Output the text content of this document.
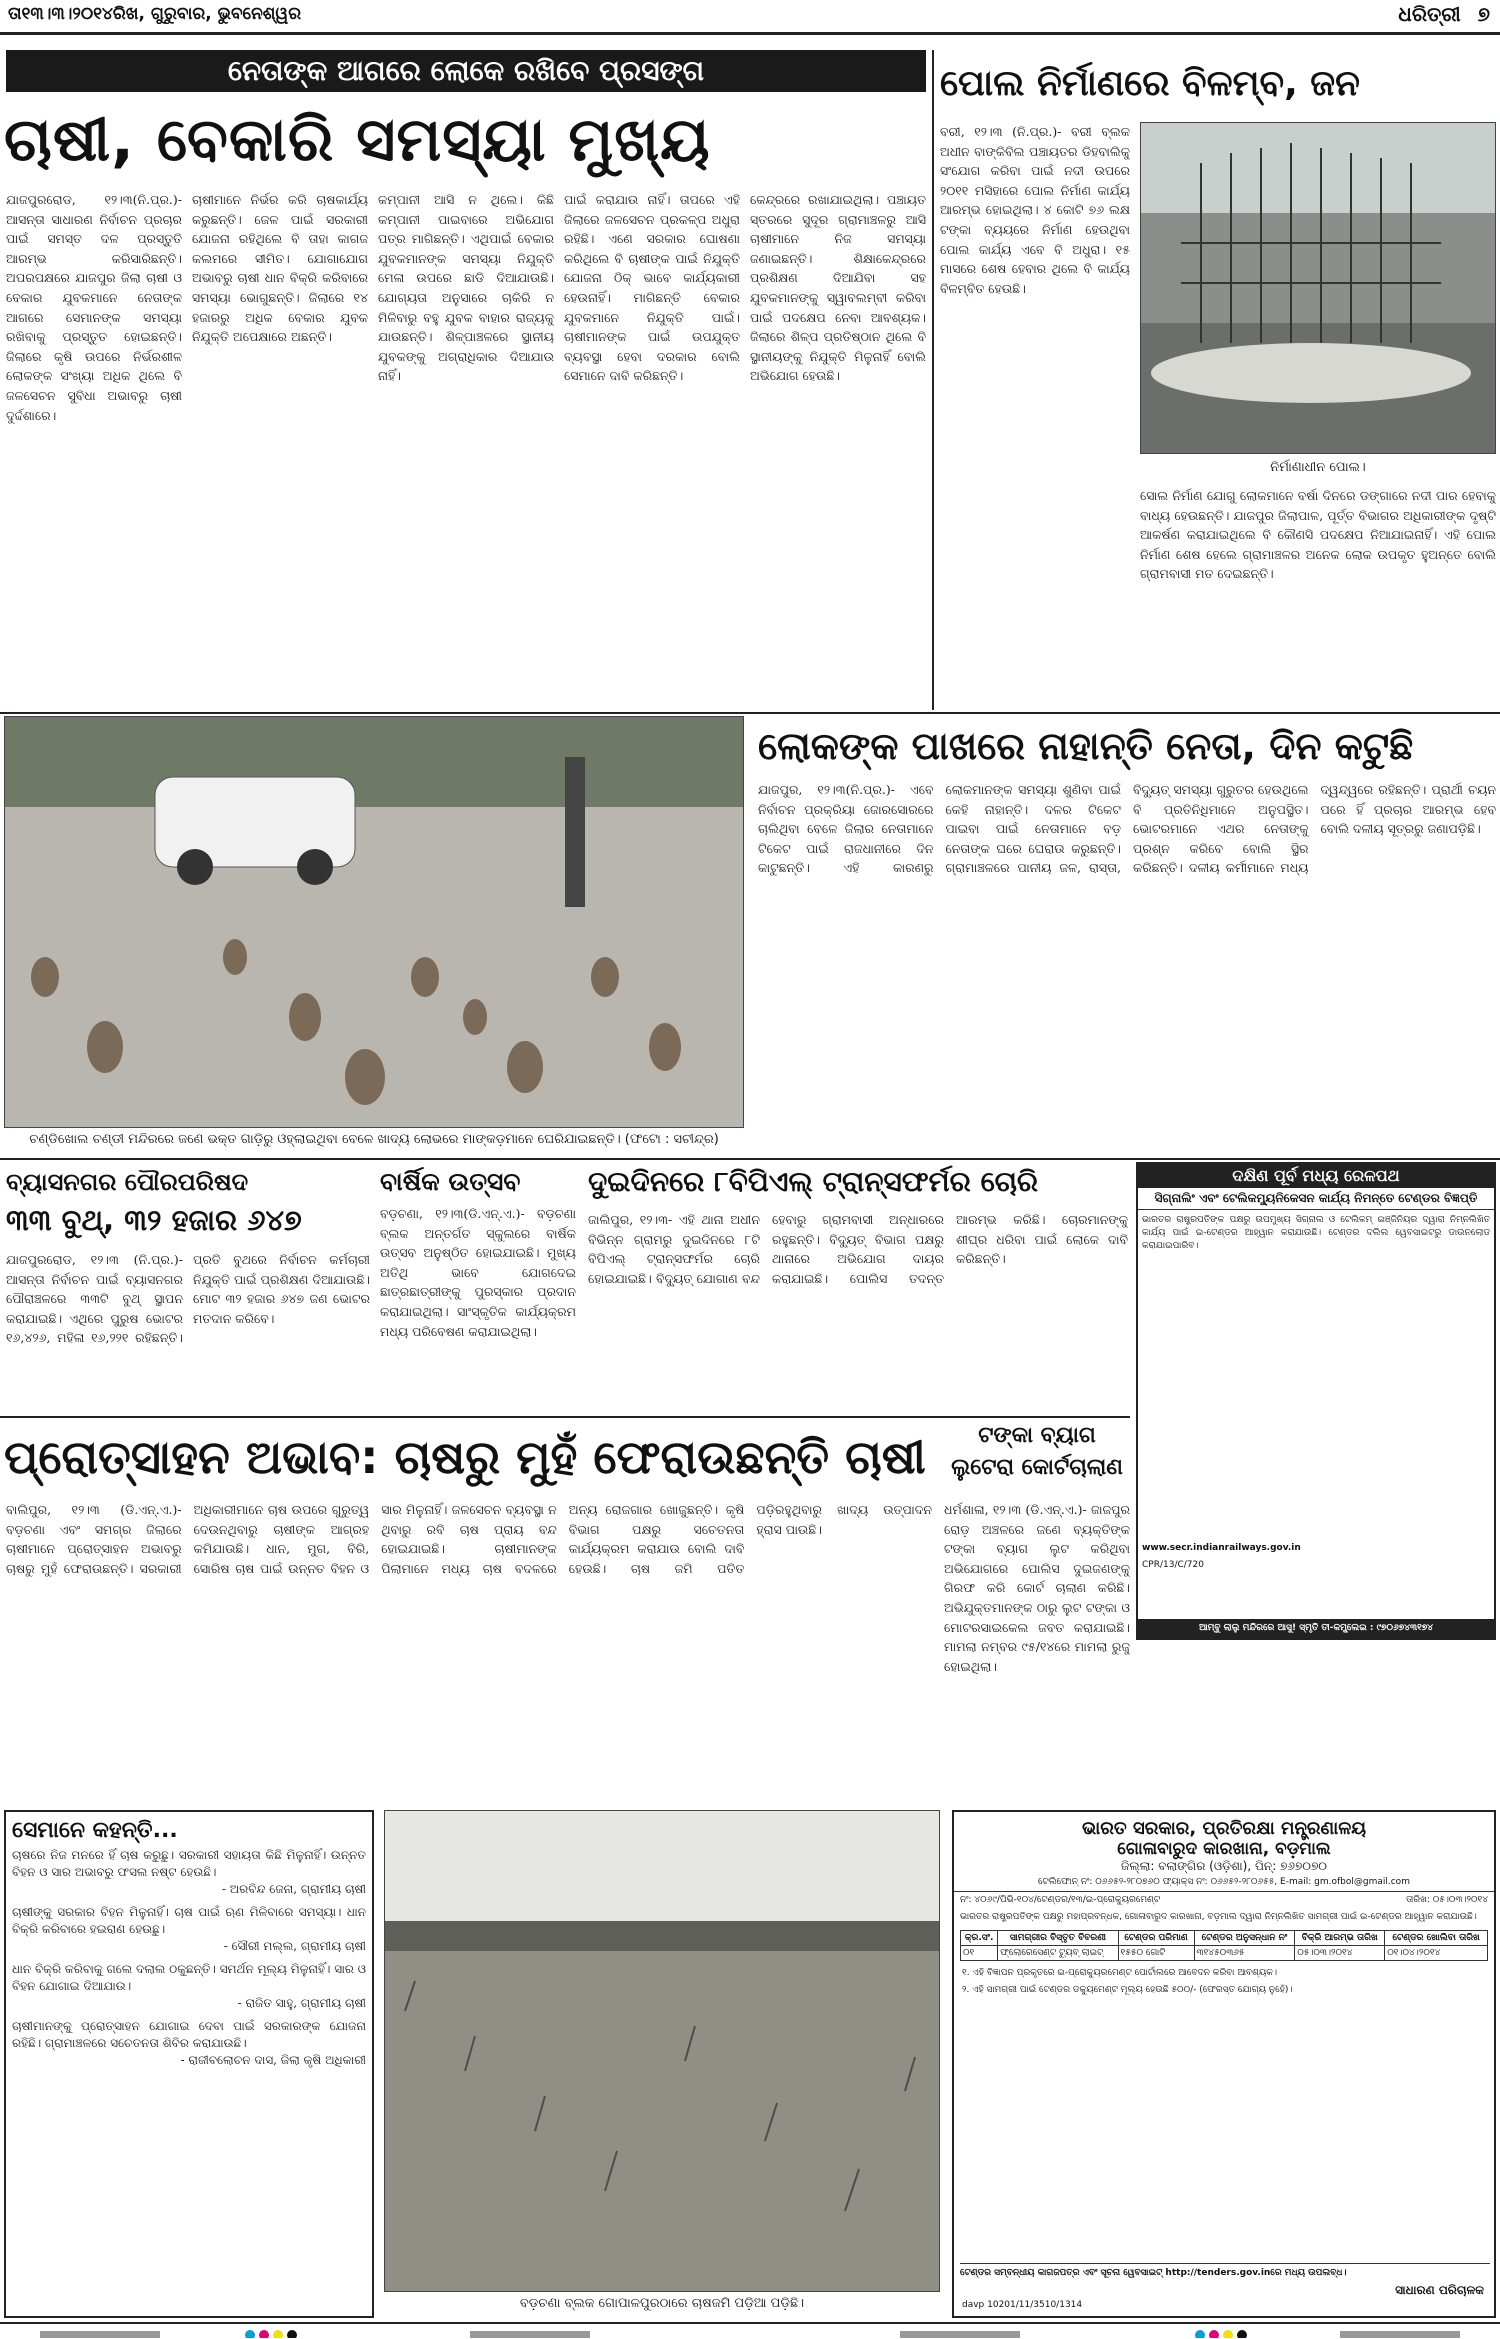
ତା୧୩।୩।୨୦୧୪ରିଖ, ଗୁରୁବାର, ଭୁବନେଶ୍ୱର	ଧରିତ୍ରୀ ୭
ନେତାଙ୍କ ଆଗରେ ଲୋକେ ରଖିବେ ପ୍ରସଙ୍ଗ
ଚାଷୀ, ବେକାରି ସମସ୍ୟା ମୁଖ୍ୟ
ଯାଜପୁରରୋଡ, ୧୨।୩(ନି.ପ୍ର.)- ଆସନ୍ତା ସାଧାରଣ ନିର୍ବାଚନ ପ୍ରଚାର ପାଇଁ ସମସ୍ତ ଦଳ ପ୍ରସ୍ତୁତି ଆରମ୍ଭ କରିସାରିଛନ୍ତି। ଅପରପକ୍ଷରେ ଯାଜପୁର ଜିଲା ଚାଷୀ ଓ ବେକାର ଯୁବକମାନେ ନେତାଙ୍କ ଆଗରେ ସେମାନଙ୍କ ସମସ୍ୟା ରଖିବାକୁ ପ୍ରସ୍ତୁତ ହୋଇଛନ୍ତି। ଜିଲାରେ କୃଷି ଉପରେ ନିର୍ଭରଶୀଳ ଲୋକଙ୍କ ସଂଖ୍ୟା ଅଧିକ ଥିଲେ ବି ଜଳସେଚନ ସୁବିଧା ଅଭାବରୁ ଚାଷୀ ଦୁର୍ଦ୍ଦଶାରେ।
ଚାଷୀମାନେ ନିର୍ଭର କରି ଚାଷକାର୍ଯ୍ୟ କରୁଛନ୍ତି। ଜେଳ ପାଇଁ ସରକାରୀ ଯୋଜନା ରହିଥିଲେ ବି ତାହା କାଗଜ କଲମରେ ସୀମିତ। ଯୋଗାଯୋଗ ଅଭାବରୁ ଚାଷୀ ଧାନ ବିକ୍ରି କରିବାରେ ସମସ୍ୟା ଭୋଗୁଛନ୍ତି। ଜିଲାରେ ୧୪ ହଜାରରୁ ଅଧିକ ବେକାର ଯୁବକ ନିଯୁକ୍ତି ଅପେକ୍ଷାରେ ଅଛନ୍ତି।
କମ୍ପାନୀ ଆସି ନ ଥିଲେ। କିଛି କମ୍ପାନୀ ପାଇବାରେ ଅଭିଯୋଗ ପତ୍ର ମାଗିଛନ୍ତି। ଏଥିପାଇଁ ବେକାର ଯୁବକମାନଙ୍କ ସମସ୍ୟା ନିଯୁକ୍ତି ମେଳା ଉପରେ ଛାଡି ଦିଆଯାଉଛି। ଯୋଗ୍ୟତା ଅନୁସାରେ ଚାକିରି ନ ମିଳିବାରୁ ବହୁ ଯୁବକ ବାହାର ରାଜ୍ୟକୁ ଯାଉଛନ୍ତି। ଶିଳ୍ପାଞ୍ଚଳରେ ସ୍ଥାନୀୟ ଯୁବକଙ୍କୁ ଅଗ୍ରାଧିକାର ଦିଆଯାଉ ନାହିଁ।
ପାଇଁ କରାଯାଉ ନାହିଁ। ତାପରେ ଏହି ଜିଲାରେ ଜଳସେଚନ ପ୍ରକଳ୍ପ ଅଧୁରା ରହିଛି। ଏଣେ ସରକାର ଘୋଷଣା କରିଥିଲେ ବି ଚାଷୀଙ୍କ ପାଇଁ ନିଯୁକ୍ତି ଯୋଜନା ଠିକ୍ ଭାବେ କାର୍ଯ୍ୟକାରୀ ହେଉନାହିଁ। ମାଗିଛନ୍ତି ବେକାର ଯୁବକମାନେ ନିଯୁକ୍ତି ପାଇଁ। ଚାଷୀମାନଙ୍କ ପାଇଁ ଉପଯୁକ୍ତ ବ୍ୟବସ୍ଥା ହେବା ଦରକାର ବୋଲି ସେମାନେ ଦାବି କରିଛନ୍ତି।
କେନ୍ଦ୍ରରେ ରଖାଯାଇଥିଲା। ପଞ୍ଚାୟତ ସ୍ତରରେ ସୁଦୂର ଗ୍ରାମାଞ୍ଚଳରୁ ଆସି ଚାଷୀମାନେ ନିଜ ସମସ୍ୟା ଜଣାଇଛନ୍ତି। ଶିକ୍ଷାକେନ୍ଦ୍ରରେ ପ୍ରଶିକ୍ଷଣ ଦିଆଯିବା ସହ ଯୁବକମାନଙ୍କୁ ସ୍ୱାବଲମ୍ବୀ କରିବା ପାଇଁ ପଦକ୍ଷେପ ନେବା ଆବଶ୍ୟକ। ଜିଲାରେ ଶିଳ୍ପ ପ୍ରତିଷ୍ଠାନ ଥିଲେ ବି ସ୍ଥାନୀୟଙ୍କୁ ନିଯୁକ୍ତି ମିଳୁନାହିଁ ବୋଲି ଅଭିଯୋଗ ହେଉଛି।
ପୋଲ ନିର୍ମାଣରେ ବିଳମ୍ବ, ଜନ
ବରୀ, ୧୨।୩ (ନି.ପ୍ର.)- ବରୀ ବ୍ଲକ ଅଧୀନ ବାଙ୍କିବିଲ ପଞ୍ଚାୟତର ଡିହବାଲିକୁ ସଂଯୋଗ କରିବା ପାଇଁ ନଦୀ ଉପରେ ୨୦୧୧ ମସିହାରେ ପୋଲ ନିର୍ମାଣ କାର୍ଯ୍ୟ ଆରମ୍ଭ ହୋଇଥିଲା। ୪ କୋଟି ୭୬ ଲକ୍ଷ ଟଙ୍କା ବ୍ୟୟରେ ନିର୍ମାଣ ହେଉଥିବା ପୋଲ କାର୍ଯ୍ୟ ଏବେ ବି ଅଧୁରା। ୧୫ ମାସରେ ଶେଷ ହେବାର ଥିଲେ ବି କାର୍ଯ୍ୟ ବିଳମ୍ବିତ ହେଉଛି।
ନିର୍ମାଣାଧୀନ ପୋଲ।
ସୋଲ ନିର୍ମାଣ ଯୋଗୁ ଲୋକମାନେ ବର୍ଷା ଦିନରେ ଡଙ୍ଗାରେ ନଦୀ ପାର ହେବାକୁ ବାଧ୍ୟ ହେଉଛନ୍ତି। ଯାଜପୁର ଜିଲାପାଳ, ପୂର୍ତ୍ତ ବିଭାଗର ଅଧିକାରୀଙ୍କ ଦୃଷ୍ଟି ଆକର୍ଷଣ କରାଯାଇଥିଲେ ବି କୌଣସି ପଦକ୍ଷେପ ନିଆଯାଇନାହିଁ। ଏହି ପୋଲ ନିର୍ମାଣ ଶେଷ ହେଲେ ଗ୍ରାମାଞ୍ଚଳର ଅନେକ ଲୋକ ଉପକୃତ ହୁଅନ୍ତେ ବୋଲି ଗ୍ରାମବାସୀ ମତ ଦେଇଛନ୍ତି।
ଚଣ୍ଡିଖୋଲ ଚଣ୍ଡୀ ମନ୍ଦିରରେ ଜଣେ ଭକ୍ତ ଗାଡ଼ିରୁ ଓହ୍ଲାଇଥିବା ବେଳେ ଖାଦ୍ୟ ଲୋଭରେ ମାଙ୍କଡ଼ମାନେ ଘେରିଯାଇଛନ୍ତି। (ଫଟୋ : ସଚୀନ୍ଦ୍ର)
ଲୋକଙ୍କ ପାଖରେ ନାହାନ୍ତି ନେତା, ଦିନ କଟୁଛି
ଯାଜପୁର, ୧୨।୩(ନି.ପ୍ର.)- ଏବେ ନିର୍ବାଚନ ପ୍ରକ୍ରିୟା ଜୋରସୋରରେ ଚାଲିଥିବା ବେଳେ ଜିଲାର ନେତାମାନେ ଟିକେଟ ପାଇଁ ରାଜଧାନୀରେ ଦିନ କାଟୁଛନ୍ତି। ଏହି କାରଣରୁ ଲୋକମାନଙ୍କ ସମସ୍ୟା ଶୁଣିବା ପାଇଁ କେହି ନାହାନ୍ତି। ଦଳର ଟିକେଟ ପାଇବା ପାଇଁ ନେତାମାନେ ବଡ଼ ନେତାଙ୍କ ଘରେ ଘେରାଉ କରୁଛନ୍ତି। ଗ୍ରାମାଞ୍ଚଳରେ ପାନୀୟ ଜଳ, ରାସ୍ତା, ବିଦ୍ୟୁତ୍ ସମସ୍ୟା ଗୁରୁତର ହେଉଥିଲେ ବି ପ୍ରତିନିଧିମାନେ ଅନୁପସ୍ଥିତ। ଭୋଟରମାନେ ଏଥର ନେତାଙ୍କୁ ପ୍ରଶ୍ନ କରିବେ ବୋଲି ସ୍ଥିର କରିଛନ୍ତି। ଦଳୀୟ କର୍ମୀମାନେ ମଧ୍ୟ ଦ୍ୱନ୍ଦ୍ୱରେ ରହିଛନ୍ତି। ପ୍ରାର୍ଥୀ ଚୟନ ପରେ ହିଁ ପ୍ରଚାର ଆରମ୍ଭ ହେବ ବୋଲି ଦଳୀୟ ସୂତ୍ରରୁ ଜଣାପଡ଼ିଛି।
ବ୍ୟାସନଗର ପୌରପରିଷଦ
୩୩ ବୁଥ୍, ୩୨ ହଜାର ୬୪୭
ଯାଜପୁରରୋଡ, ୧୨।୩ (ନି.ପ୍ର.)- ଆସନ୍ତା ନିର୍ବାଚନ ପାଇଁ ବ୍ୟାସନଗର ପୌରାଞ୍ଚଳରେ ୩୩ଟି ବୁଥ୍ ସ୍ଥାପନ କରାଯାଇଛି। ଏଥିରେ ପୁରୁଷ ଭୋଟର ୧୬,୪୨୬, ମହିଳା ୧୬,୨୨୧ ରହିଛନ୍ତି। ପ୍ରତି ବୁଥରେ ନିର୍ବାଚନ କର୍ମଚାରୀ ନିଯୁକ୍ତି ପାଇଁ ପ୍ରଶିକ୍ଷଣ ଦିଆଯାଉଛି। ମୋଟ ୩୨ ହଜାର ୬୪୭ ଜଣ ଭୋଟର ମତଦାନ କରିବେ।
ବାର୍ଷିକ ଉତ୍ସବ
ବଡ଼ଚଣା, ୧୨।୩(ଡି.ଏନ୍.ଏ.)- ବଡ଼ଚଣା ବ୍ଲକ ଅନ୍ତର୍ଗତ ସ୍କୁଲରେ ବାର୍ଷିକ ଉତ୍ସବ ଅନୁଷ୍ଠିତ ହୋଇଯାଇଛି। ମୁଖ୍ୟ ଅତିଥି ଭାବେ ଯୋଗଦେଇ ଛାତ୍ରଛାତ୍ରୀଙ୍କୁ ପୁରସ୍କାର ପ୍ରଦାନ କରାଯାଇଥିଲା। ସାଂସ୍କୃତିକ କାର୍ଯ୍ୟକ୍ରମ ମଧ୍ୟ ପରିବେଷଣ କରାଯାଇଥିଲା।
ଦୁଇଦିନରେ ୮ବିପିଏଲ୍ ଟ୍ରାନ୍ସଫର୍ମର ଚୋରି
ଜାଲିପୁର, ୧୨।୩- ଏହି ଥାନା ଅଧୀନ ବିଭିନ୍ନ ଗ୍ରାମରୁ ଦୁଇଦିନରେ ୮ଟି ବିପିଏଲ୍ ଟ୍ରାନ୍ସଫର୍ମର ଚୋରି ହୋଇଯାଇଛି। ବିଦ୍ୟୁତ୍ ଯୋଗାଣ ବନ୍ଦ ହେବାରୁ ଗ୍ରାମବାସୀ ଅନ୍ଧାରରେ ରହୁଛନ୍ତି। ବିଦ୍ୟୁତ୍ ବିଭାଗ ପକ୍ଷରୁ ଥାନାରେ ଅଭିଯୋଗ ଦାୟର କରାଯାଇଛି। ପୋଲିସ ତଦନ୍ତ ଆରମ୍ଭ କରିଛି। ଚୋରମାନଙ୍କୁ ଶୀଘ୍ର ଧରିବା ପାଇଁ ଲୋକେ ଦାବି କରିଛନ୍ତି।
ଦକ୍ଷିଣ ପୂର୍ବ ମଧ୍ୟ ରେଳପଥ
ସିଗ୍ନାଲିଂ ଏବଂ ଟେଲିକମ୍ୟୁନିକେସନ କାର୍ଯ୍ୟ ନିମନ୍ତେ ଟେଣ୍ଡର ବିଜ୍ଞପ୍ତି
ଭାରତର ରାଷ୍ଟ୍ରପତିଙ୍କ ପକ୍ଷରୁ ଉପମୁଖ୍ୟ ସିଗ୍ନାଲ ଓ ଟେଲିକମ୍ ଇଞ୍ଜିନିୟର ଦ୍ୱାରା ନିମ୍ନଲିଖିତ କାର୍ଯ୍ୟ ପାଇଁ ଇ-ଟେଣ୍ଡର ଆହ୍ୱାନ କରାଯାଉଛି। ଟେଣ୍ଡର ଦଲିଲ ୱେବସାଇଟରୁ ଡାଉନଲୋଡ କରାଯାଇପାରିବ।
www.secr.indianrailways.gov.in
CPR/13/C/720
ଆମ୍ବୁ ଲାଲୁ ମନ୍ଦିରରେ ଆସୁ! ସ୍ମୃତି ତୀ-କମ୍ପ୍ଲେଇ : ୯୭୦୬୭୪୩୧୭୪
ପ୍ରୋତ୍ସାହନ ଅଭାବ: ଚାଷରୁ ମୁହଁ ଫେରାଉଛନ୍ତି ଚାଷୀ
ବାଲିପୁର, ୧୨।୩ (ଡି.ଏନ୍.ଏ.)- ବଡ଼ଚଣା ଏବଂ ସମଗ୍ର ଜିଲାରେ ଚାଷୀମାନେ ପ୍ରୋତ୍ସାହନ ଅଭାବରୁ ଚାଷରୁ ମୁହଁ ଫେରାଉଛନ୍ତି। ସରକାରୀ ଅଧିକାରୀମାନେ ଚାଷ ଉପରେ ଗୁରୁତ୍ୱ ଦେଉନଥିବାରୁ ଚାଷୀଙ୍କ ଆଗ୍ରହ କମିଯାଉଛି। ଧାନ, ମୁଗ, ବିରି, ସୋରିଷ ଚାଷ ପାଇଁ ଉନ୍ନତ ବିହନ ଓ ସାର ମିଳୁନାହିଁ। ଜଳସେଚନ ବ୍ୟବସ୍ଥା ନ ଥିବାରୁ ରବି ଚାଷ ପ୍ରାୟ ବନ୍ଦ ହୋଇଯାଇଛି। ଚାଷୀମାନଙ୍କ ପିଲାମାନେ ମଧ୍ୟ ଚାଷ ବଦଳରେ ଅନ୍ୟ ରୋଜଗାର ଖୋଜୁଛନ୍ତି। କୃଷି ବିଭାଗ ପକ୍ଷରୁ ସଚେତନତା କାର୍ଯ୍ୟକ୍ରମ କରାଯାଉ ବୋଲି ଦାବି ହେଉଛି। ଚାଷ ଜମି ପତିତ ପଡ଼ିରହୁଥିବାରୁ ଖାଦ୍ୟ ଉତ୍ପାଦନ ହ୍ରାସ ପାଉଛି।
ଟଙ୍କା ବ୍ୟାଗ ଲୁଟେରା କୋର୍ଟଚାଲାଣ
ଧର୍ମଶାଳା, ୧୨।୩ (ଡି.ଏନ୍.ଏ.)- ଜାଜପୁର ରୋଡ଼ ଅଞ୍ଚଳରେ ଜଣେ ବ୍ୟକ୍ତିଙ୍କ ଟଙ୍କା ବ୍ୟାଗ ଲୁଟ କରିଥିବା ଅଭିଯୋଗରେ ପୋଲିସ ଦୁଇଜଣଙ୍କୁ ଗିରଫ କରି କୋର୍ଟ ଚାଲାଣ କରିଛି। ଅଭିଯୁକ୍ତମାନଙ୍କ ଠାରୁ ଲୁଟ ଟଙ୍କା ଓ ମୋଟରସାଇକେଲ ଜବତ କରାଯାଇଛି। ମାମଲା ନମ୍ବର ୯୫/୧୪ରେ ମାମଲା ରୁଜୁ ହୋଇଥିଲା।
ଭାରତ ସରକାର, ପ୍ରତିରକ୍ଷା ମନ୍ତ୍ରଣାଳୟ
ଗୋଳାବାରୁଦ କାରଖାନା, ବଡ଼ମାଲ
ଜିଲ୍ଲା: ବଲାଙ୍ଗିର (ଓଡ଼ିଶା), ପିନ୍: ୭୬୭୦୭୦
ଟେଲିଫୋନ୍ ନଂ: ୦୬୬୫୨-୨୮୦୭୬୦ ଫ୍ୟାକ୍ସ ନଂ: ୦୬୬୫୨-୨୮୦୬୫୫, E-mail: gm.ofbol@gmail.com
ନଂ: ୪୦୬୯/ପିଭି-୧୦୪/ଟେଣ୍ଡର/୧୩/ଇ-ପ୍ରୋକ୍ୟୁରମେଣ୍ଟ	ତାରିଖ: ୦୫।୦୩।୨୦୧୪
ଭାରତର ରାଷ୍ଟ୍ରପତିଙ୍କ ପକ୍ଷରୁ ମହାପ୍ରବନ୍ଧକ, ଗୋଳାବାରୁଦ କାରଖାନା, ବଡ଼ମାଲ ଦ୍ୱାରା ନିମ୍ନଲିଖିତ ସାମଗ୍ରୀ ପାଇଁ ଇ-ଟେଣ୍ଡର ଆହ୍ୱାନ କରାଯାଉଛି।
କ୍ର.ସଂ.	ସାମଗ୍ରୀର ବିସ୍ତୃତ ବିବରଣୀ	ଟେଣ୍ଡର ପରିମାଣ	ଟେଣ୍ଡର ଅନୁସନ୍ଧାନ ନଂ	ବିକ୍ରି ଆରମ୍ଭ ତାରିଖ	ଟେଣ୍ଡର ଖୋଲିବା ତାରିଖ
୦୧	ଫ୍ଲୋରେସେଣ୍ଟ ଟ୍ୟୁବ୍ ଲାଇଟ୍	୧୫୫୦ ଗୋଟି	୩୧୪୫୦୩୬୫	୦୫।୦୩।୨୦୧୪	୦୧।୦୪।୨୦୧୪
୧. ଏହି ବିଜ୍ଞାପନ ପ୍ରକୃତରେ ଇ-ପ୍ରୋକ୍ୟୁରମେଣ୍ଟ ପୋର୍ଟାଲରେ ଆବେଦନ କରିବା ଆବଶ୍ୟକ।
୨. ଏହି ସାମଗ୍ରୀ ପାଇଁ ଟେଣ୍ଡର ଡକ୍ୟୁମେଣ୍ଟ ମୂଲ୍ୟ ହେଉଛି ୫୦୦/- (ଫେରସ୍ତ ଯୋଗ୍ୟ ନୁହେଁ)।
ଟେଣ୍ଡର ସମ୍ବନ୍ଧୀୟ କାଗଜପତ୍ର ଏବଂ ସୂଚନା ୱେବସାଇଟ୍ http://tenders.gov.inରେ ମଧ୍ୟ ଉପଲବ୍ଧ।
ସାଧାରଣ ପରିଚାଳକ
davp 10201/11/3510/1314
ସେମାନେ କହନ୍ତି...
ଚାଷରେ ନିଜ ମନରେ ହିଁ ଚାଷ କରୁଛୁ। ସରକାରୀ ସହାୟତା କିଛି ମିଳୁନାହିଁ। ଉନ୍ନତ ବିହନ ଓ ସାର ଅଭାବରୁ ଫସଲ ନଷ୍ଟ ହେଉଛି।
- ଅରବିନ୍ଦ ଜେନା, ଗ୍ରାମୀୟ ଚାଷୀ
ଚାଷୀଙ୍କୁ ସରକାର ବିହନ ମିଳୁନାହିଁ। ଚାଷ ପାଇଁ ଋଣ ମିଳିବାରେ ସମସ୍ୟା। ଧାନ ବିକ୍ରି କରିବାରେ ହଇରାଣ ହେଉଛୁ।
- ସୌରୀ ମଲ୍ଲ, ଗ୍ରାମୀୟ ଚାଷୀ
ଧାନ ବିକ୍ରି କରିବାକୁ ଗଲେ ଦଲାଲ ଠକୁଛନ୍ତି। ସମର୍ଥନ ମୂଲ୍ୟ ମିଳୁନାହିଁ। ସାର ଓ ବିହନ ଯୋଗାଇ ଦିଆଯାଉ।
- ରାଜିତ ସାହୁ, ଗ୍ରାମୀୟ ଚାଷୀ
ଚାଷୀମାନଙ୍କୁ ପ୍ରୋତ୍ସାହନ ଯୋଗାଇ ଦେବା ପାଇଁ ସରକାରଙ୍କ ଯୋଜନା ରହିଛି। ଗ୍ରାମାଞ୍ଚଳରେ ସଚେତନତା ଶିବିର କରାଯାଉଛି।
- ରାଜୀବଲୋଚନ ଦାସ, ଜିଲା କୃଷି ଅଧିକାରୀ
ବଡ଼ଚଣା ବ୍ଲକ ଗୋପାଳପୁରଠାରେ ଚାଷଜମି ପଡ଼ିଆ ପଡ଼ିଛି।
